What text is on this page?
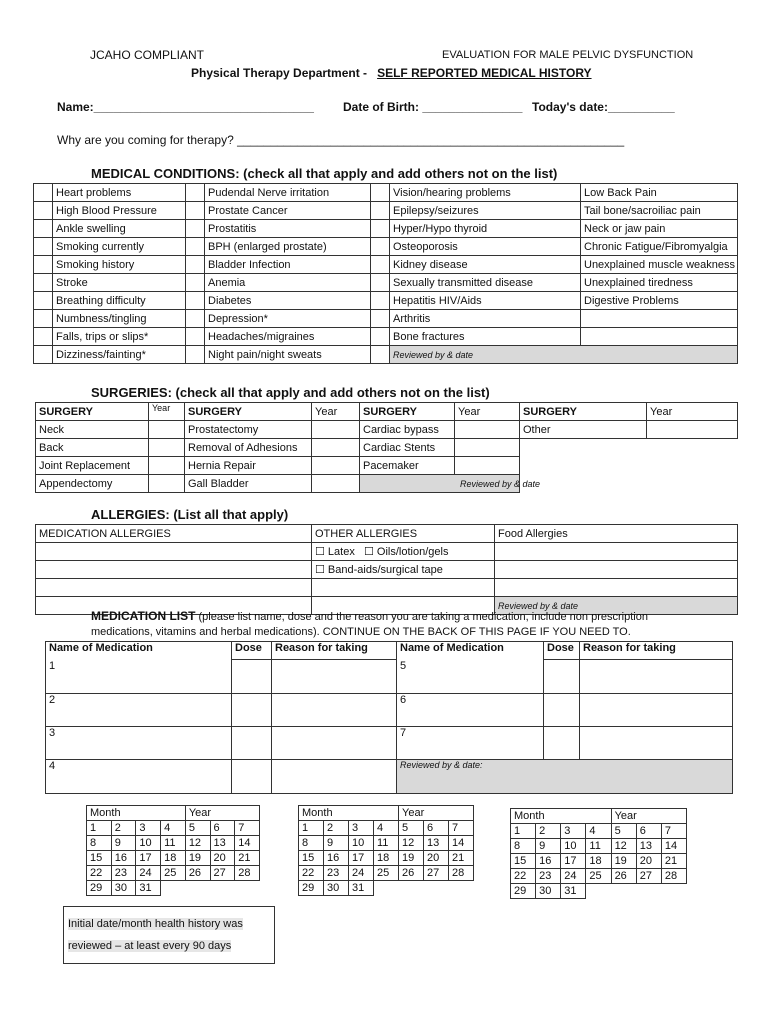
JCAHO COMPLIANT	EVALUATION FOR MALE PELVIC DYSFUNCTION
Physical Therapy Department - SELF REPORTED MEDICAL HISTORY
Name:_________________________________ Date of Birth: _______________ Today's date:__________
Why are you coming for therapy? __________________________________________________________
MEDICAL CONDITIONS: (check all that apply and add others not on the list)
	Heart problems		Pudendal Nerve irritation		Vision/hearing problems	Low Back Pain
	High Blood Pressure		Prostate Cancer		Epilepsy/seizures	Tail bone/sacroiliac pain
	Ankle swelling		Prostatitis		Hyper/Hypo thyroid	Neck or jaw pain
	Smoking currently		BPH (enlarged prostate)		Osteoporosis	Chronic Fatigue/Fibromyalgia
	Smoking history		Bladder Infection		Kidney disease	Unexplained muscle weakness
	Stroke		Anemia		Sexually transmitted disease	Unexplained tiredness
	Breathing difficulty		Diabetes		Hepatitis HIV/Aids	Digestive Problems
	Numbness/tingling		Depression*		Arthritis	
	Falls, trips or slips*		Headaches/migraines		Bone fractures	
	Dizziness/fainting*		Night pain/night sweats		Reviewed by & date	
SURGERIES: (check all that apply and add others not on the list)
SURGERY	Year	SURGERY	Year	SURGERY	Year	SURGERY	Year
Neck		Prostatectomy		Cardiac bypass		Other	
Back		Removal of Adhesions		Cardiac Stents			
Joint Replacement		Hernia Repair		Pacemaker			
Appendectomy		Gall Bladder		Reviewed by & date			
ALLERGIES: (List all that apply)
MEDICATION ALLERGIES	OTHER ALLERGIES	Food Allergies
	☐ Latex ☐ Oils/lotion/gels	
	☐ Band-aids/surgical tape	

		Reviewed by & date
MEDICATION LIST (please list name, dose and the reason you are taking a medication, include non prescription
medications, vitamins and herbal medications). CONTINUE ON THE BACK OF THIS PAGE IF YOU NEED TO.
Name of Medication	Dose	Reason for taking	Name of Medication	Dose	Reason for taking
1			5		
2			6		
3			7		
4			Reviewed by & date:		
Month				Year		
1	2	3	4	5	6	7
8	9	10	11	12	13	14
15	16	17	18	19	20	21
22	23	24	25	26	27	28
29	30	31				
Month				Year		
1	2	3	4	5	6	7
8	9	10	11	12	13	14
15	16	17	18	19	20	21
22	23	24	25	26	27	28
29	30	31				
Month				Year		
1	2	3	4	5	6	7
8	9	10	11	12	13	14
15	16	17	18	19	20	21
22	23	24	25	26	27	28
29	30	31				
Initial date/month health history was
reviewed – at least every 90 days
